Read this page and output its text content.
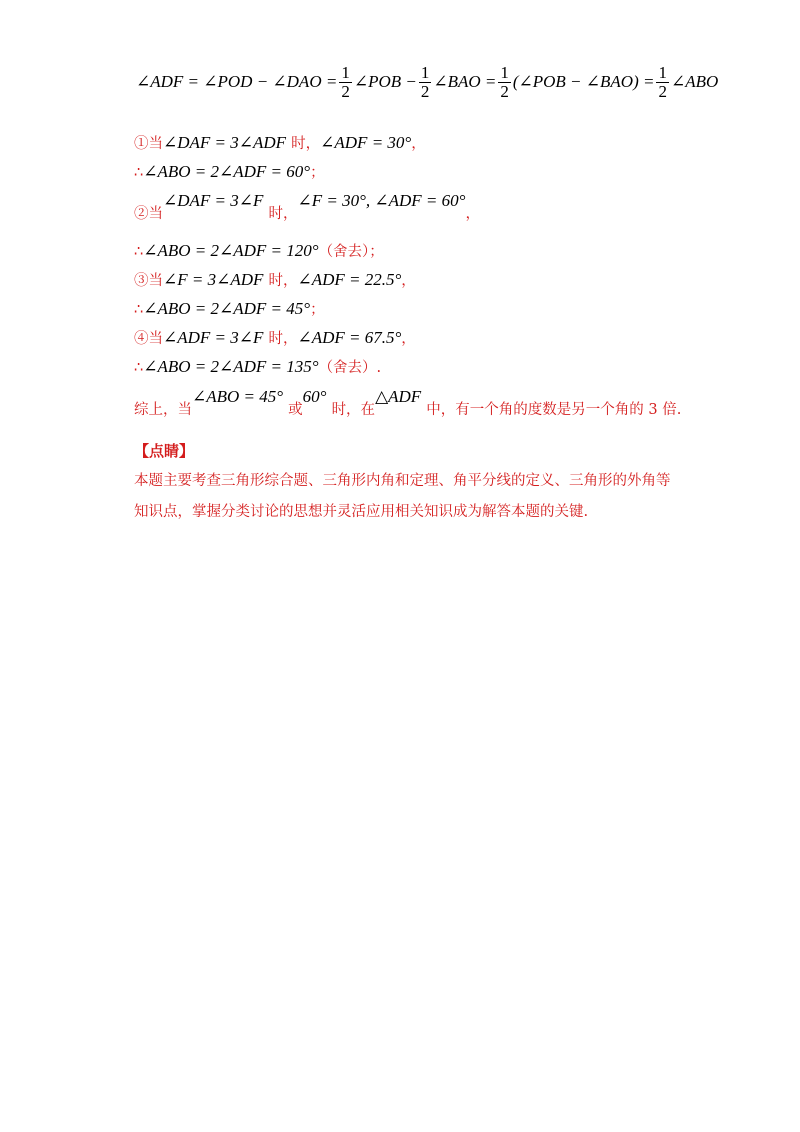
∠ADF = ∠POD − ∠DAO = $\frac{1}{2}$ ∠POB − $\frac{1}{2}$ ∠BAO = $\frac{1}{2}$ (∠POB − ∠BAO) = $\frac{1}{2}$ ∠ABO
①当∠DAF = 3∠ADF 时，∠ADF = 30°，
∴∠ABO = 2∠ADF = 60°；
②当∠DAF = 3∠F 时，∠F = 30°, ∠ADF = 60°，
∴∠ABO = 2∠ADF = 120°（舍去）；
③当∠F = 3∠ADF 时，∠ADF = 22.5°，
∴∠ABO = 2∠ADF = 45°；
④当∠ADF = 3∠F 时，∠ADF = 67.5°，
∴∠ABO = 2∠ADF = 135°（舍去）.
综上，当∠ABO = 45° 或60° 时，在△ADF 中，有一个角的度数是另一个角的 3 倍.
【点睛】
本题主要考查三角形综合题、三角形内角和定理、角平分线的定义、三角形的外角等
知识点，掌握分类讨论的思想并灵活应用相关知识成为解答本题的关键.
